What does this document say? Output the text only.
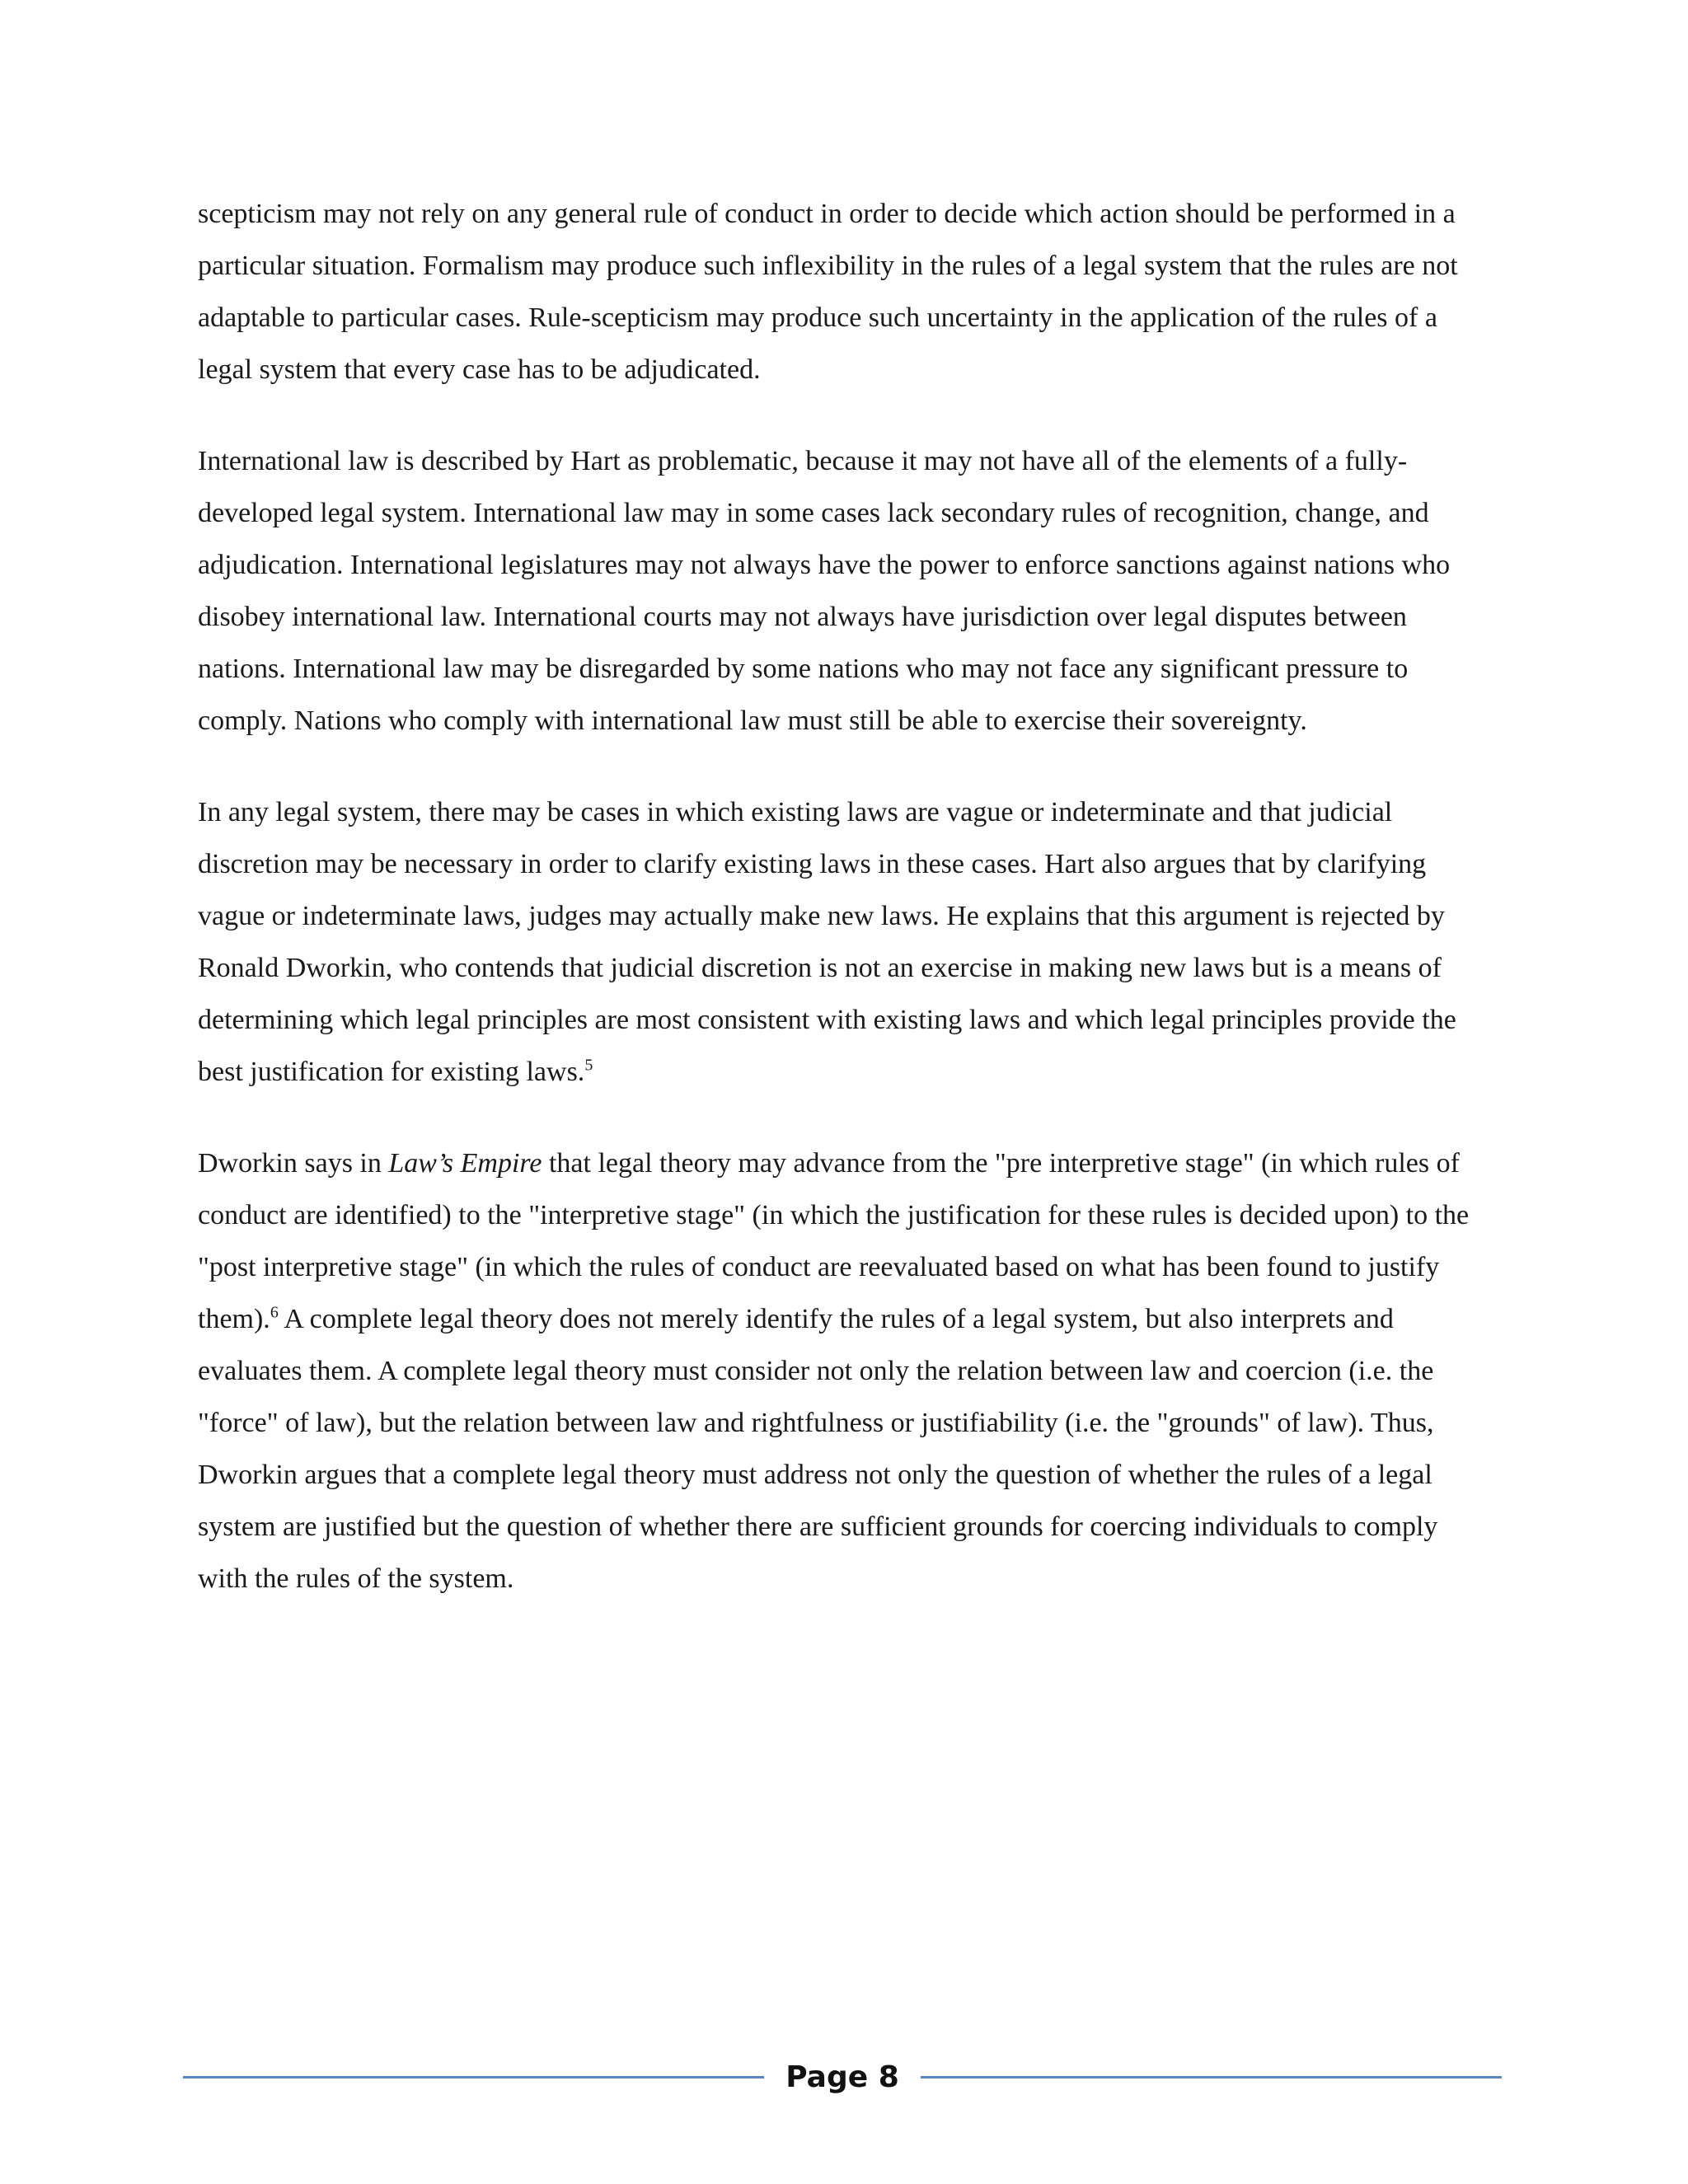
scepticism may not rely on any general rule of conduct in order to decide which action should be performed in a particular situation. Formalism may produce such inflexibility in the rules of a legal system that the rules are not adaptable to particular cases. Rule-scepticism may produce such uncertainty in the application of the rules of a legal system that every case has to be adjudicated.

International law is described by Hart as problematic, because it may not have all of the elements of a fully-developed legal system. International law may in some cases lack secondary rules of recognition, change, and adjudication. International legislatures may not always have the power to enforce sanctions against nations who disobey international law. International courts may not always have jurisdiction over legal disputes between nations. International law may be disregarded by some nations who may not face any significant pressure to comply. Nations who comply with international law must still be able to exercise their sovereignty.

In any legal system, there may be cases in which existing laws are vague or indeterminate and that judicial discretion may be necessary in order to clarify existing laws in these cases. Hart also argues that by clarifying vague or indeterminate laws, judges may actually make new laws. He explains that this argument is rejected by Ronald Dworkin, who contends that judicial discretion is not an exercise in making new laws but is a means of determining which legal principles are most consistent with existing laws and which legal principles provide the best justification for existing laws.$^5$

Dworkin says in Law’s Empire that legal theory may advance from the "pre interpretive stage" (in which rules of conduct are identified) to the "interpretive stage" (in which the justification for these rules is decided upon) to the "post interpretive stage" (in which the rules of conduct are reevaluated based on what has been found to justify them).$^6$ A complete legal theory does not merely identify the rules of a legal system, but also interprets and evaluates them. A complete legal theory must consider not only the relation between law and coercion (i.e. the "force" of law), but the relation between law and rightfulness or justifiability (i.e. the "grounds" of law). Thus, Dworkin argues that a complete legal theory must address not only the question of whether the rules of a legal system are justified but the question of whether there are sufficient grounds for coercing individuals to comply with the rules of the system.

Page 8
